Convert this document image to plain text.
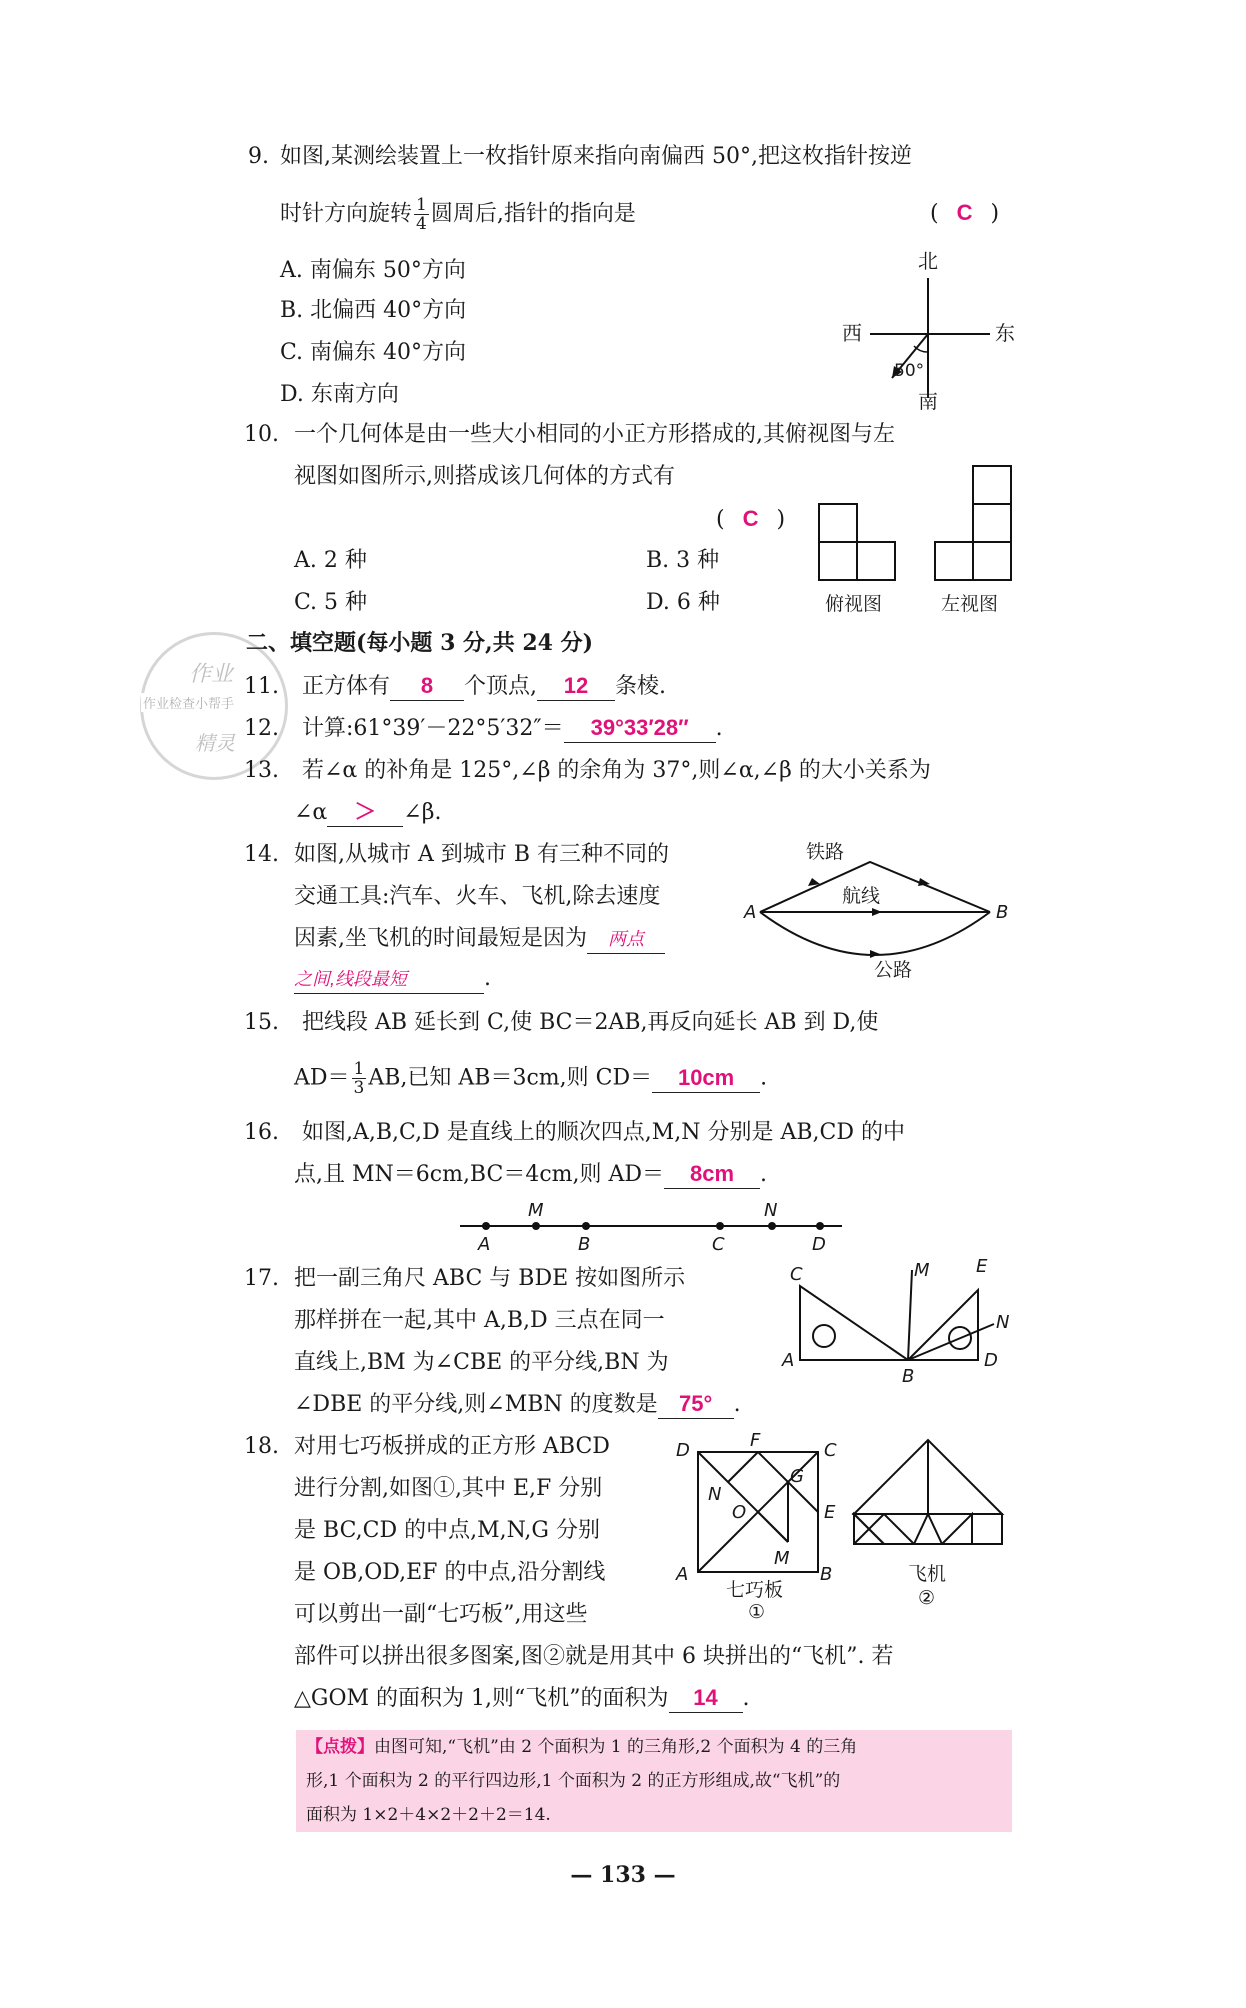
9. 如图,某测绘装置上一枚指针原来指向南偏西 50°,把这枚指针按逆
时针方向旋转 $\frac{1}{4}$ 圆周后,指针的指向是	( C )
A. 南偏东 50°方向
B. 北偏西 40°方向
C. 南偏东 40°方向
D. 东南方向
北
南
西	东
50°
10. 一个几何体是由一些大小相同的小正方形搭成的,其俯视图与左
视图如图所示,则搭成该几何体的方式有
( C )
A. 2 种	B. 3 种
C. 5 种	D. 6 种	俯视图	左视图
作业
作业检查小帮手
精灵
二、填空题(每小题 3 分,共 24 分)
11. 正方体有 8 个顶点, 12 条棱.
12. 计算:61°39′－22°5′32″＝ 39°33′28″ .
13. 若∠α 的补角是 125°,∠β 的余角为 37°,则∠α,∠β 的大小关系为
∠α ＞ ∠β.
14. 如图,从城市 A 到城市 B 有三种不同的
交通工具:汽车、火车、飞机,除去速度
因素,坐飞机的时间最短是因为 两点
之间,线段最短	.
铁路
航线
公路
A	B
15. 把线段 AB 延长到 C,使 BC＝2AB,再反向延长 AB 到 D,使
$AD= \frac{1}{3}$ AB,已知 AB＝3cm,则 CD＝ 10cm .
16. 如图,A,B,C,D 是直线上的顺次四点,M,N 分别是 AB,CD 的中
点,且 MN＝6cm,BC＝4cm,则 AD＝ 8cm .
A
M
B	C
N
D
17. 把一副三角尺 ABC 与 BDE 按如图所示
那样拼在一起,其中 A,B,D 三点在同一
直线上,BM 为∠CBE 的平分线,BN 为
∠DBE 的平分线,则∠MBN 的度数是 75° .
C	M	E
N
A
B
D
18. 对用七巧板拼成的正方形 ABCD
进行分割,如图①,其中 E,F 分别
是 BC,CD 的中点,M,N,G 分别
是 OB,OD,EF 的中点,沿分割线
可以剪出一副“七巧板”,用这些
部件可以拼出很多图案,图②就是用其中 6 块拼出的“飞机”. 若
△GOM 的面积为 1,则“飞机”的面积为 14 .
D	F	C
G
N
O	E
A
M
B
七巧板
①
飞机
②
【点拨】由图可知,“飞机”由 2 个面积为 1 的三角形,2 个面积为 4 的三角
形,1 个面积为 2 的平行四边形,1 个面积为 2 的正方形组成,故“飞机”的
面积为 1×2＋4×2＋2＋2＝14.
— 133 —
